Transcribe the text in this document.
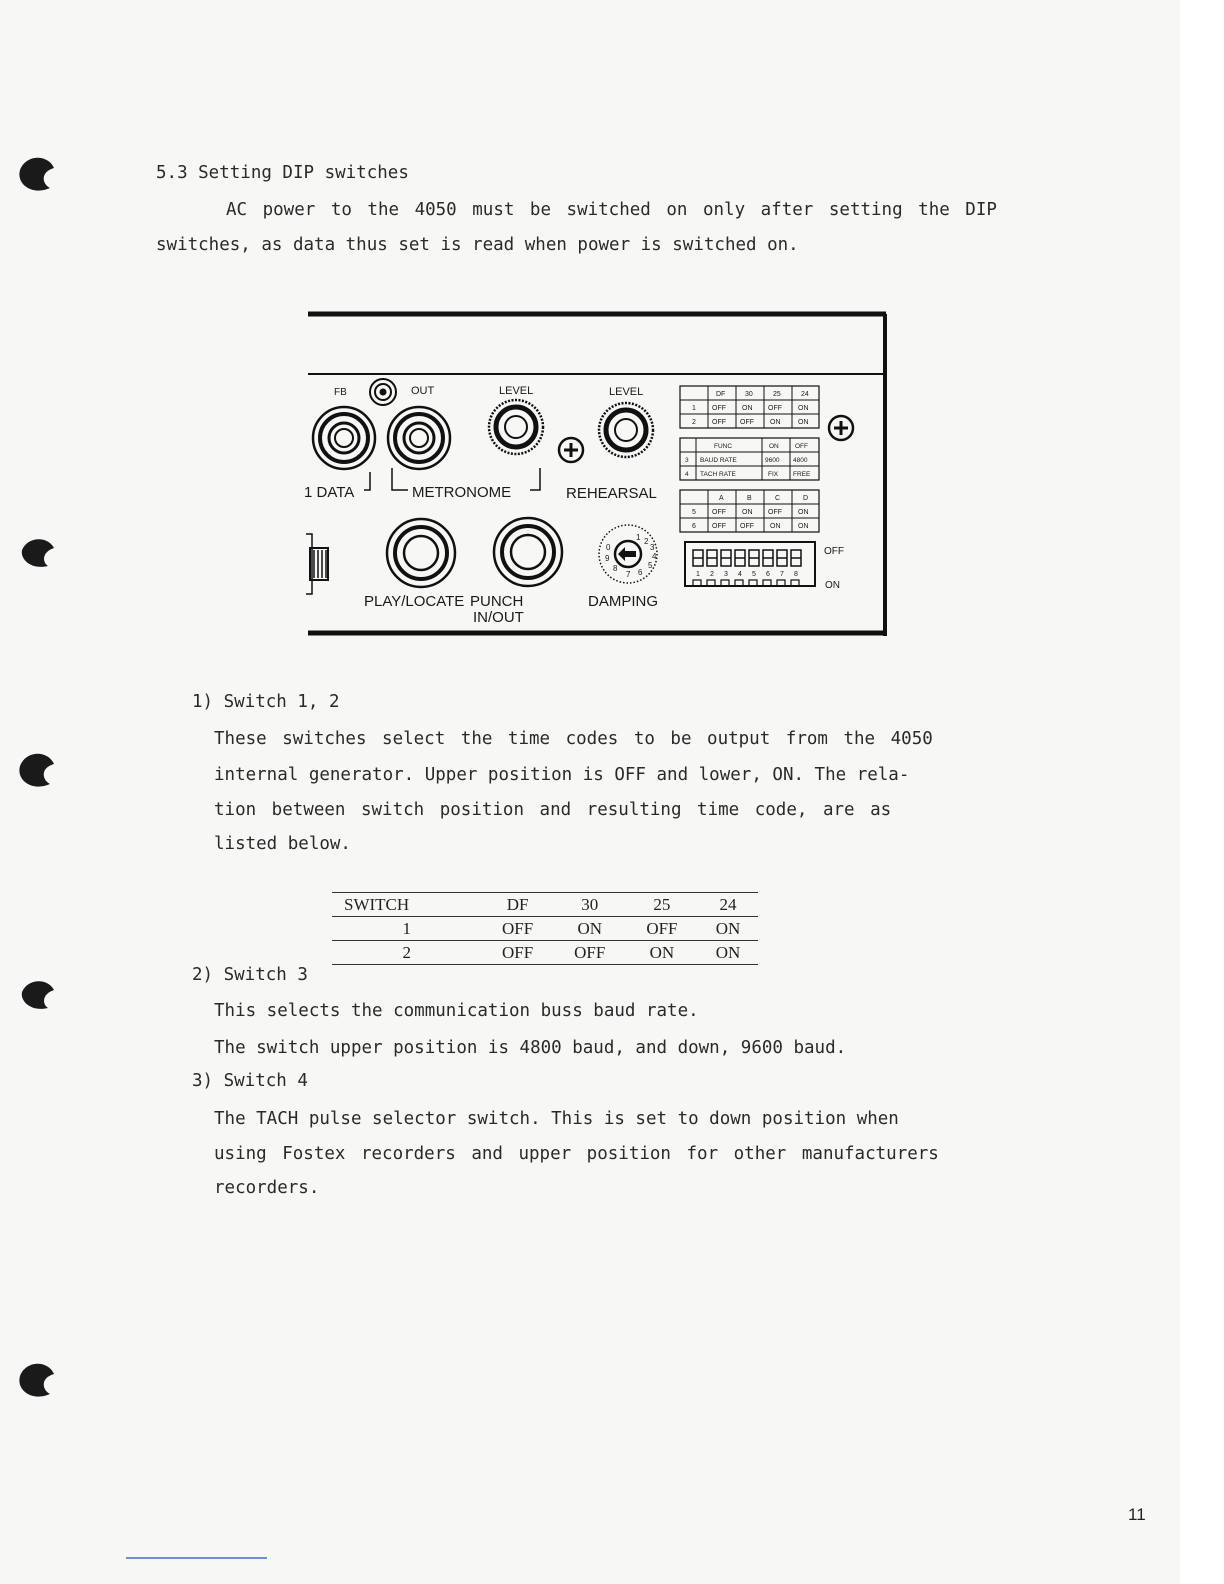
5.3 Setting DIP switches
AC power to the 4050 must be switched on only after setting the DIP
switches, as data thus set is read when power is switched on.
FB	OUT	LEVEL	LEVEL
1 DATA	METRONOME	REHEARSAL
1 2
3
4
5
6
7
8
9
0
PLAY/LOCATE PUNCH
IN/OUT
DAMPING
DF	30	25	24
1 OFF ON OFF ON
2 OFF OFF ON	ON
FUNC	ON	OFF
3 BAUD RATE	9600 4800
4 TACH RATE	FIX FREE
A	B	C	D
5 OFF ON OFF ON
6 OFF OFF ON	ON
1 2 3 4 5 6 7 8
OFF
ON
1) Switch 1, 2
These switches select the time codes to be output from the 4050
internal generator. Upper position is OFF and lower, ON. The rela-
tion between switch position and resulting time code, are as
listed below.
SWITCH	DF	30	25	24
1	OFF	ON	OFF	ON
2	OFF	OFF	ON	ON
2) Switch 3
This selects the communication buss baud rate.
The switch upper position is 4800 baud, and down, 9600 baud.
3) Switch 4
The TACH pulse selector switch. This is set to down position when
using Fostex recorders and upper position for other manufacturers
recorders.
11
